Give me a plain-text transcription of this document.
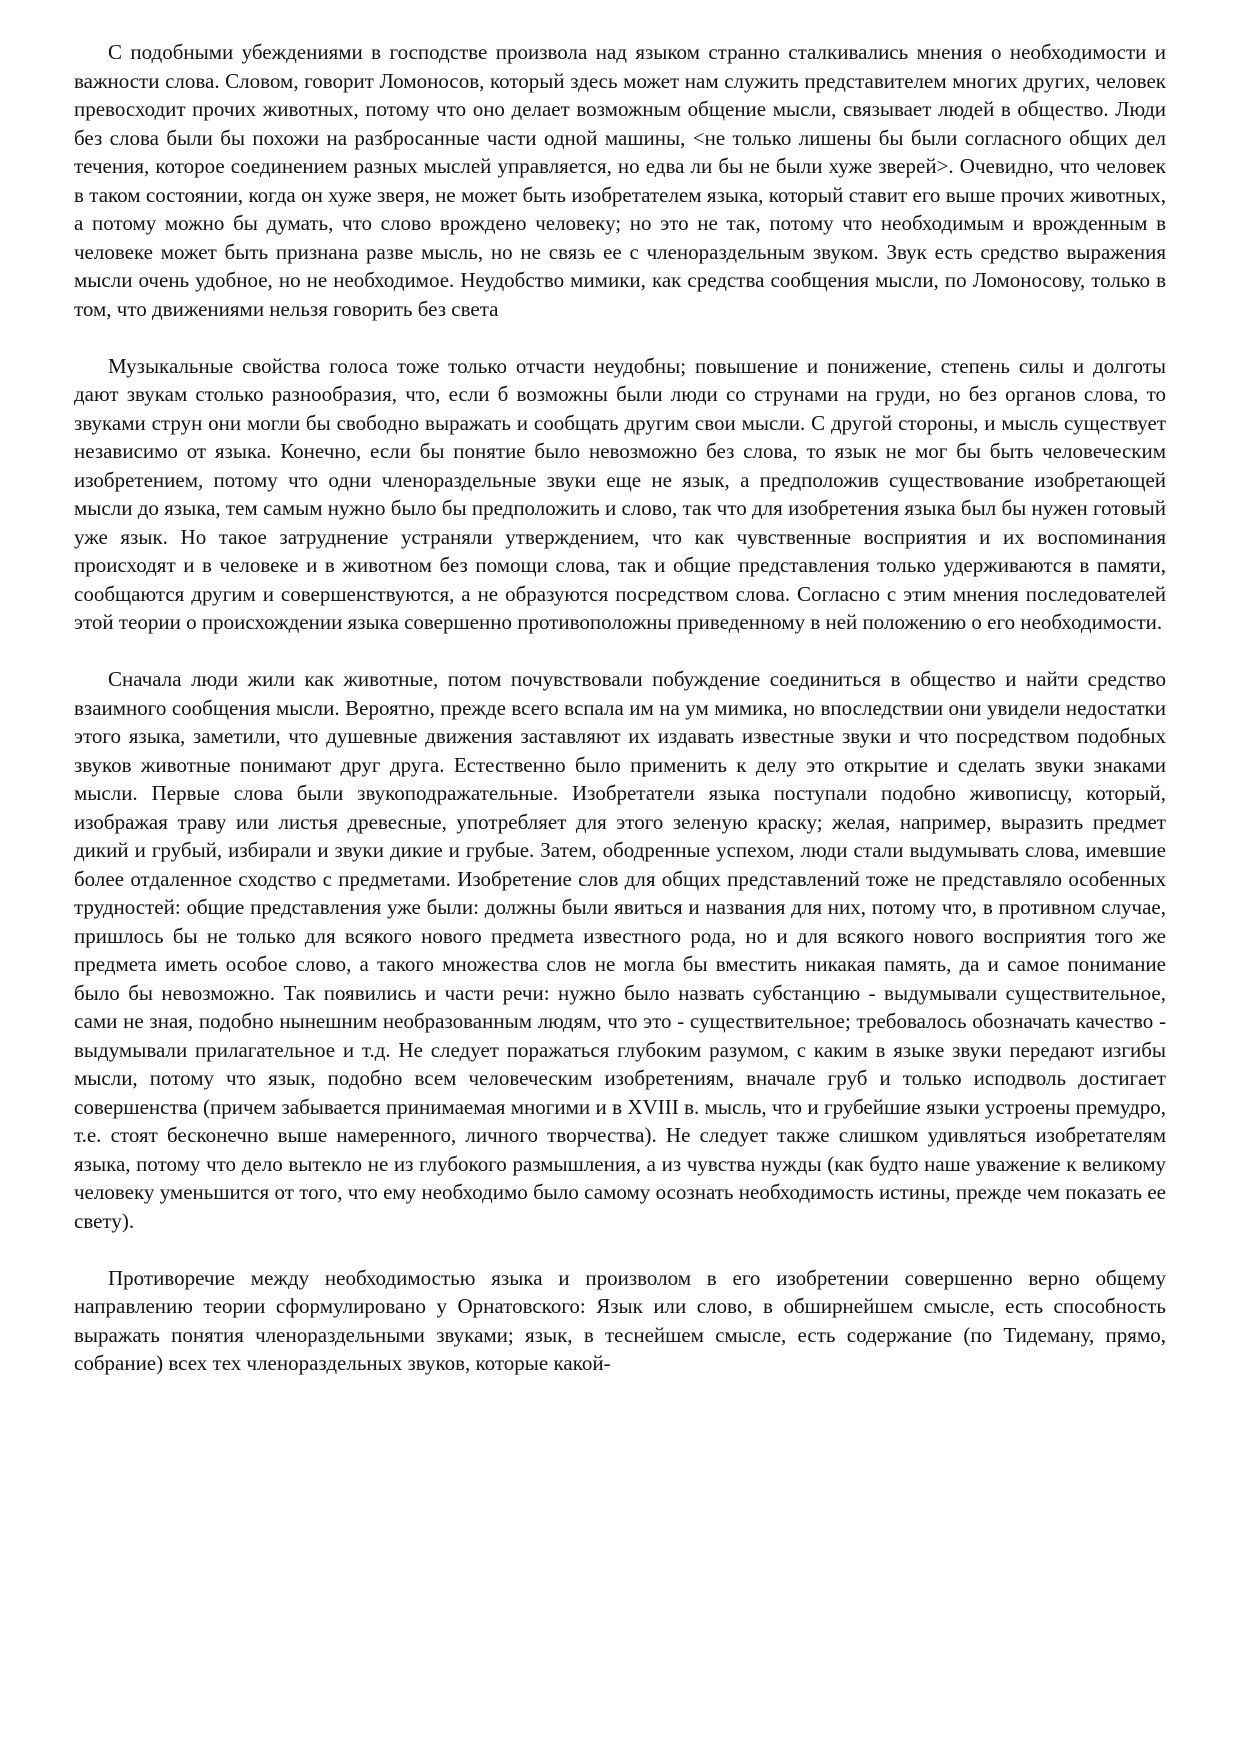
С подобными убеждениями в господстве произвола над языком странно сталкивались мнения о необходимости и важности слова. Словом, говорит Ломоносов, который здесь может нам служить представителем многих других, человек превосходит прочих животных, потому что оно делает возможным общение мысли, связывает людей в общество. Люди без слова были бы похожи на разбросанные части одной машины, <не только лишены бы были согласного общих дел течения, которое соединением разных мыслей управляется, но едва ли бы не были хуже зверей>. Очевидно, что человек в таком состоянии, когда он хуже зверя, не может быть изобретателем языка, который ставит его выше прочих животных, а потому можно бы думать, что слово врождено человеку; но это не так, потому что необходимым и врожденным в человеке может быть признана разве мысль, но не связь ее с членораздельным звуком. Звук есть средство выражения мысли очень удобное, но не необходимое. Неудобство мимики, как средства сообщения мысли, по Ломоносову, только в том, что движениями нельзя говорить без света

Музыкальные свойства голоса тоже только отчасти неудобны; повышение и понижение, степень силы и долготы дают звукам столько разнообразия, что, если б возможны были люди со струнами на груди, но без органов слова, то звуками струн они могли бы свободно выражать и сообщать другим свои мысли. С другой стороны, и мысль существует независимо от языка. Конечно, если бы понятие было невозможно без слова, то язык не мог бы быть человеческим изобретением, потому что одни членораздельные звуки еще не язык, а предположив существование изобретающей мысли до языка, тем самым нужно было бы предположить и слово, так что для изобретения языка был бы нужен готовый уже язык. Но такое затруднение устраняли утверждением, что как чувственные восприятия и их воспоминания происходят и в человеке и в животном без помощи слова, так и общие представления только удерживаются в памяти, сообщаются другим и совершенствуются, а не образуются посредством слова. Согласно с этим мнения последователей этой теории о происхождении языка совершенно противоположны приведенному в ней положению о его необходимости.

Сначала люди жили как животные, потом почувствовали побуждение соединиться в общество и найти средство взаимного сообщения мысли. Вероятно, прежде всего вспала им на ум мимика, но впоследствии они увидели недостатки этого языка, заметили, что душевные движения заставляют их издавать известные звуки и что посредством подобных звуков животные понимают друг друга. Естественно было применить к делу это открытие и сделать звуки знаками мысли. Первые слова были звукоподражательные. Изобретатели языка поступали подобно живописцу, который, изображая траву или листья древесные, употребляет для этого зеленую краску; желая, например, выразить предмет дикий и грубый, избирали и звуки дикие и грубые. Затем, ободренные успехом, люди стали выдумывать слова, имевшие более отдаленное сходство с предметами. Изобретение слов для общих представлений тоже не представляло особенных трудностей: общие представления уже были: должны были явиться и названия для них, потому что, в противном случае, пришлось бы не только для всякого нового предмета известного рода, но и для всякого нового восприятия того же предмета иметь особое слово, а такого множества слов не могла бы вместить никакая память, да и самое понимание было бы невозможно. Так появились и части речи: нужно было назвать субстанцию - выдумывали существительное, сами не зная, подобно нынешним необразованным людям, что это - существительное; требовалось обозначать качество - выдумывали прилагательное и т.д. Не следует поражаться глубоким разумом, с каким в языке звуки передают изгибы мысли, потому что язык, подобно всем человеческим изобретениям, вначале груб и только исподволь достигает совершенства (причем забывается принимаемая многими и в XVIII в. мысль, что и грубейшие языки устроены премудро, т.е. стоят бесконечно выше намеренного, личного творчества). Не следует также слишком удивляться изобретателям языка, потому что дело вытекло не из глубокого размышления, а из чувства нужды (как будто наше уважение к великому человеку уменьшится от того, что ему необходимо было самому осознать необходимость истины, прежде чем показать ее свету).

Противоречие между необходимостью языка и произволом в его изобретении совершенно верно общему направлению теории сформулировано у Орнатовского: Язык или слово, в обширнейшем смысле, есть способность выражать понятия членораздельными звуками; язык, в теснейшем смысле, есть содержание (по Тидеману, прямо, собрание) всех тех членораздельных звуков, которые какой-
